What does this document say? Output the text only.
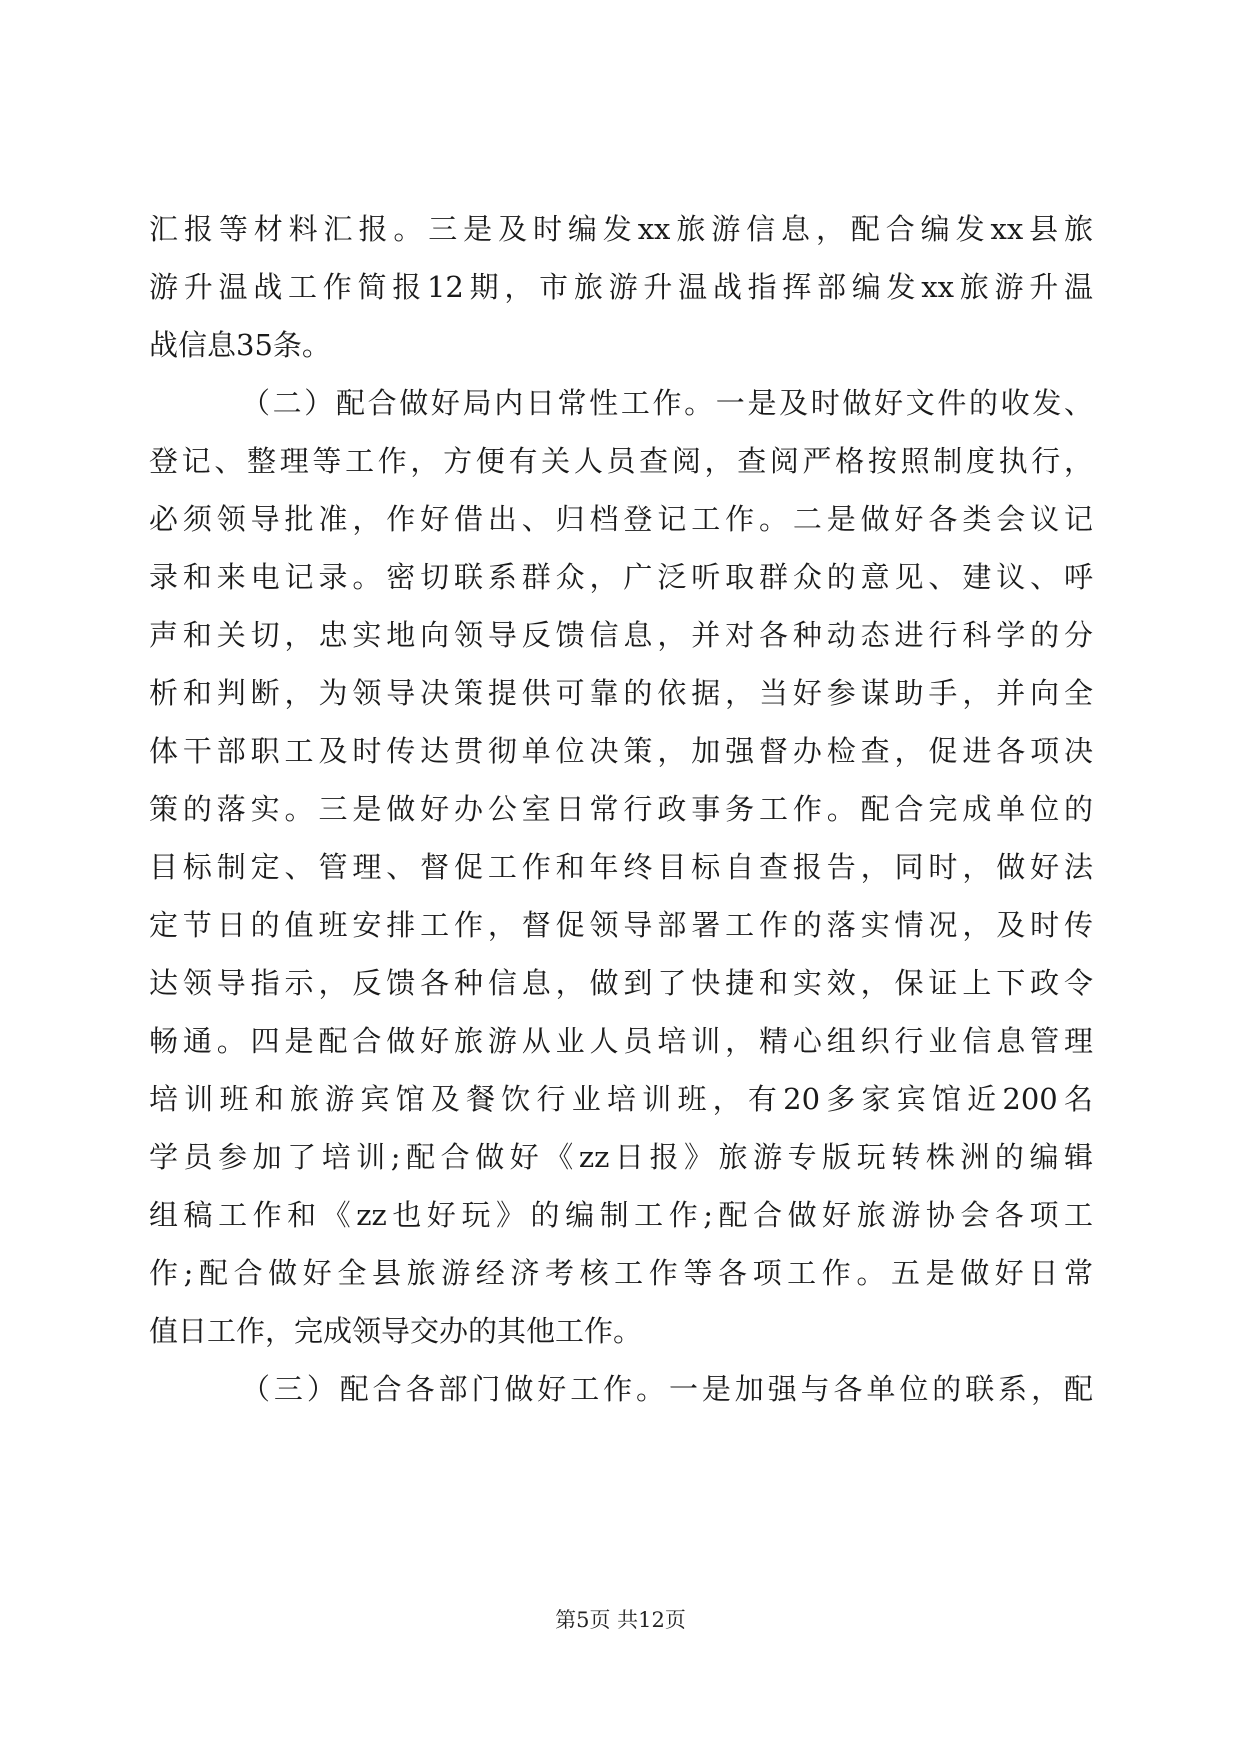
汇报等材料汇报。三是及时编发xx旅游信息，配合编发xx县旅
游升温战工作简报12期，市旅游升温战指挥部编发xx旅游升温
战信息35条。
（二）配合做好局内日常性工作。一是及时做好文件的收发、
登记、整理等工作，方便有关人员查阅，查阅严格按照制度执行，
必须领导批准，作好借出、归档登记工作。二是做好各类会议记
录和来电记录。密切联系群众，广泛听取群众的意见、建议、呼
声和关切，忠实地向领导反馈信息，并对各种动态进行科学的分
析和判断，为领导决策提供可靠的依据，当好参谋助手，并向全
体干部职工及时传达贯彻单位决策，加强督办检查，促进各项决
策的落实。三是做好办公室日常行政事务工作。配合完成单位的
目标制定、管理、督促工作和年终目标自查报告，同时，做好法
定节日的值班安排工作，督促领导部署工作的落实情况，及时传
达领导指示，反馈各种信息，做到了快捷和实效，保证上下政令
畅通。四是配合做好旅游从业人员培训，精心组织行业信息管理
培训班和旅游宾馆及餐饮行业培训班，有20多家宾馆近200名
学员参加了培训;配合做好《zz日报》旅游专版玩转株洲的编辑
组稿工作和《zz也好玩》的编制工作;配合做好旅游协会各项工
作;配合做好全县旅游经济考核工作等各项工作。五是做好日常
值日工作，完成领导交办的其他工作。
（三）配合各部门做好工作。一是加强与各单位的联系，配
第5页 共12页
